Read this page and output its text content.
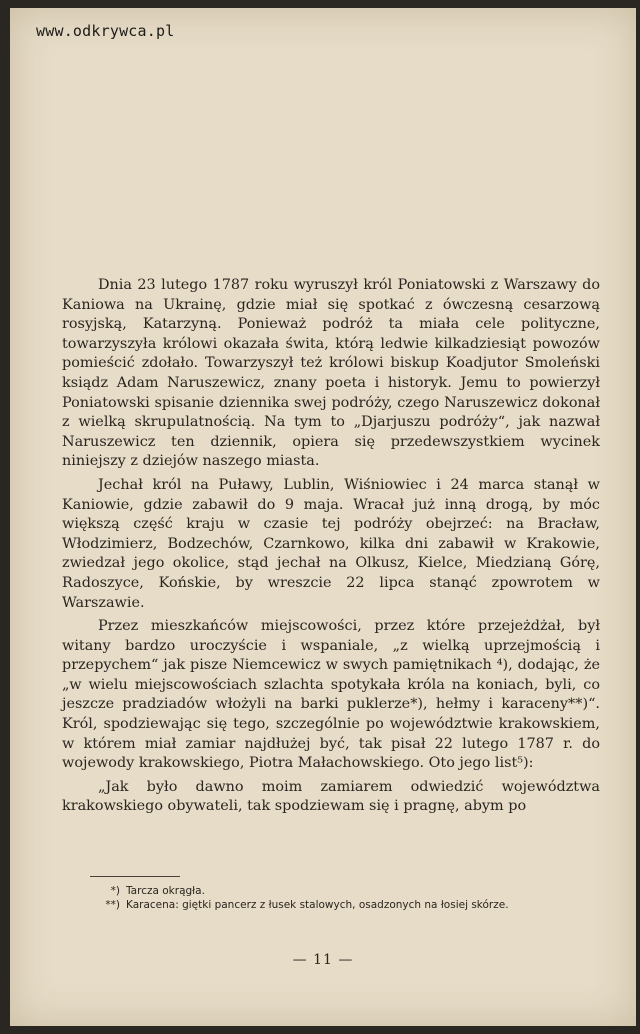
www.odkrywca.pl

Dnia 23 lutego 1787 roku wyruszył król Poniatowski z Warszawy do Kaniowa na Ukrainę, gdzie miał się spotkać z ówczesną cesarzową rosyjską, Katarzyną. Ponieważ podróż ta miała cele polityczne, towarzyszyła królowi okazała świta, którą ledwie kilkadziesiąt powozów pomieścić zdołało. Towarzyszył też królowi biskup Koadjutor Smoleński ksiądz Adam Naruszewicz, znany poeta i historyk. Jemu to powierzył Poniatowski spisanie dziennika swej podróży, czego Naruszewicz dokonał z wielką skrupulatnością. Na tym to „Djarjuszu podróży“, jak nazwał Naruszewicz ten dziennik, opiera się przedewszystkiem wycinek niniejszy z dziejów naszego miasta.

Jechał król na Puławy, Lublin, Wiśniowiec i 24 marca stanął w Kaniowie, gdzie zabawił do 9 maja. Wracał już inną drogą, by móc większą część kraju w czasie tej podróży obejrzeć: na Bracław, Włodzimierz, Bodzechów, Czarnkowo, kilka dni zabawił w Krakowie, zwiedzał jego okolice, stąd jechał na Olkusz, Kielce, Miedzianą Górę, Radoszyce, Końskie, by wreszcie 22 lipca stanąć zpowrotem w Warszawie.

Przez mieszkańców miejscowości, przez które przejeżdżał, był witany bardzo uroczyście i wspaniale, „z wielką uprzejmością i przepychem“ jak pisze Niemcewicz w swych pamiętnikach ⁴), dodając, że „w wielu miejscowościach szlachta spotykała króla na koniach, byli, co jeszcze pradziadów włożyli na barki puklerze*), hełmy i karaceny**)“. Król, spodziewając się tego, szczególnie po województwie krakowskiem, w którem miał zamiar najdłużej być, tak pisał 22 lutego 1787 r. do wojewody krakowskiego, Piotra Małachowskiego. Oto jego list⁵):

„Jak było dawno moim zamiarem odwiedzić województwa krakowskiego obywateli, tak spodziewam się i pragnę, abym po

*) Tarcza okrągła.
**) Karacena: giętki pancerz z łusek stalowych, osadzonych na łosiej skórze.
— 11 —
